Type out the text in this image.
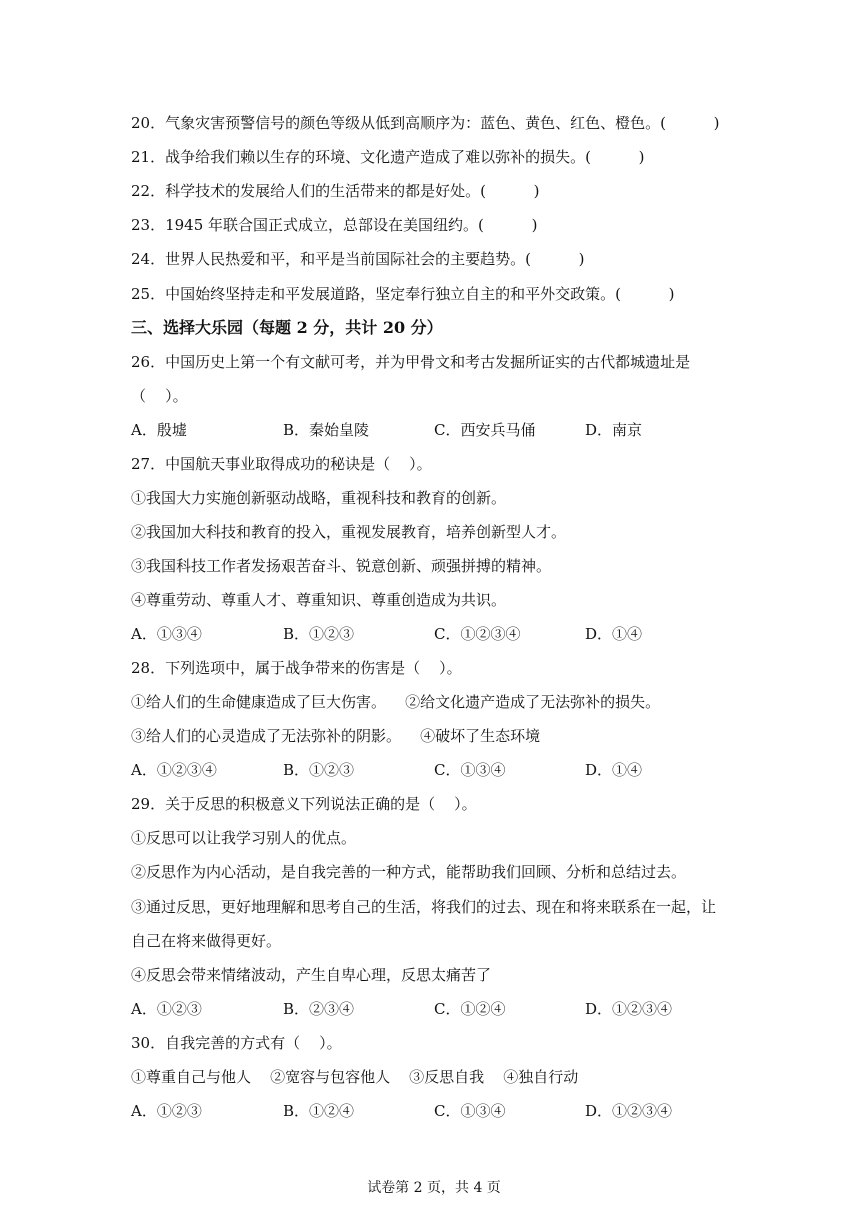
20．气象灾害预警信号的颜色等级从低到高顺序为：蓝色、黄色、红色、橙色。(          )
21．战争给我们赖以生存的环境、文化遗产造成了难以弥补的损失。(          )
22．科学技术的发展给人们的生活带来的都是好处。(          )
23．1945 年联合国正式成立，总部设在美国纽约。(          )
24．世界人民热爱和平，和平是当前国际社会的主要趋势。(          )
25．中国始终坚持走和平发展道路，坚定奉行独立自主的和平外交政策。(          )
三、选择大乐园（每题 2 分，共计 20 分）
26．中国历史上第一个有文献可考，并为甲骨文和考古发掘所证实的古代都城遗址是
（    ）。
A．殷墟	B．秦始皇陵	C．西安兵马俑	D．南京
27．中国航天事业取得成功的秘诀是（    ）。
①我国大力实施创新驱动战略，重视科技和教育的创新。
②我国加大科技和教育的投入，重视发展教育，培养创新型人才。
③我国科技工作者发扬艰苦奋斗、锐意创新、顽强拼搏的精神。
④尊重劳动、尊重人才、尊重知识、尊重创造成为共识。
A．①③④	B．①②③	C．①②③④	D．①④
28．下列选项中，属于战争带来的伤害是（    ）。
①给人们的生命健康造成了巨大伤害。    ②给文化遗产造成了无法弥补的损失。
③给人们的心灵造成了无法弥补的阴影。    ④破坏了生态环境
A．①②③④	B．①②③	C．①③④	D．①④
29．关于反思的积极意义下列说法正确的是（    ）。
①反思可以让我学习别人的优点。
②反思作为内心活动，是自我完善的一种方式，能帮助我们回顾、分析和总结过去。
③通过反思，更好地理解和思考自己的生活，将我们的过去、现在和将来联系在一起，让
自己在将来做得更好。
④反思会带来情绪波动，产生自卑心理，反思太痛苦了
A．①②③	B．②③④	C．①②④	D．①②③④
30．自我完善的方式有（    ）。
①尊重自己与他人    ②宽容与包容他人    ③反思自我    ④独自行动
A．①②③	B．①②④	C．①③④	D．①②③④
试卷第 2 页，共 4 页
